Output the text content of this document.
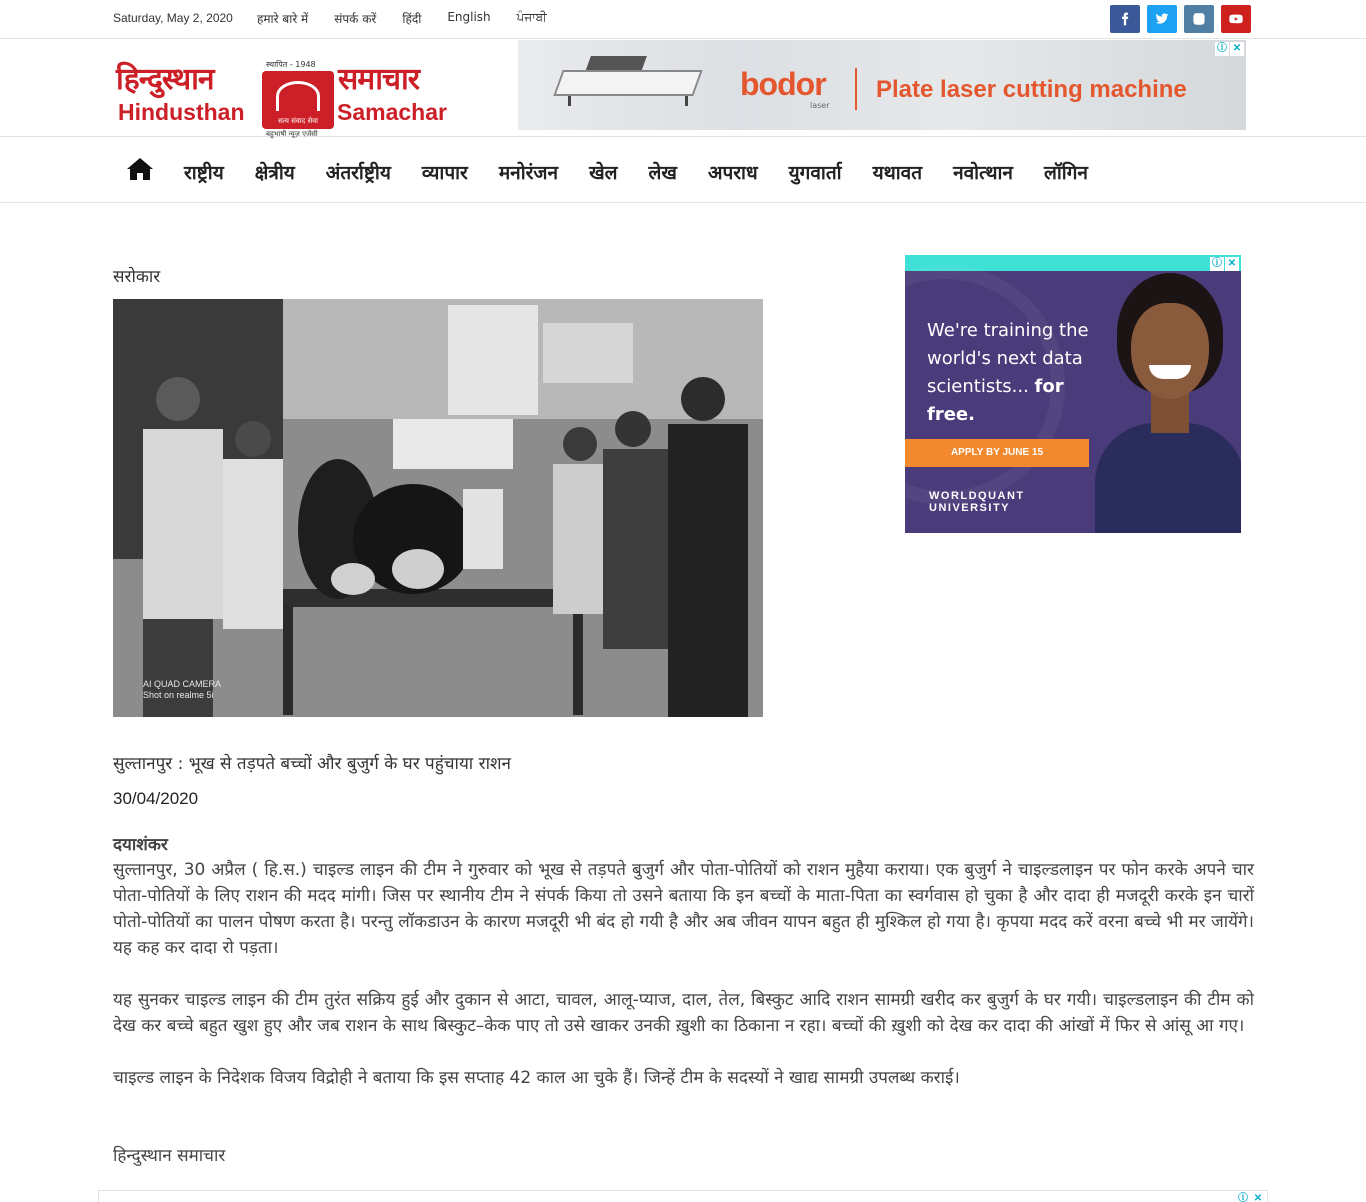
Saturday, May 2, 2020 हमारे बारे में संपर्क करें हिंदी English ਪੰਜਾਬੀ
हिन्दुस्थान
Hindusthan
स्थापित - 1948
सत्य संवाद सेवा
बहुभाषी न्यूज़ एजेंसी
समाचार
Samachar
bodor
laser
Plate laser cutting machine
ⓘ ✕
राष्ट्रीय क्षेत्रीय अंतर्राष्ट्रीय व्यापार मनोरंजन खेल लेख अपराध युगवार्ता यथावत नवोत्थान लॉगिन
सरोकार
AI QUAD CAMERA
Shot on realme 5i
सुल्तानपुर : भूख से तड़पते बच्चों और बुजुर्ग के घर पहुंचाया राशन
30/04/2020
दयाशंकर

सुल्तानपुर, 30 अप्रैल ( हि.स.) चाइल्ड लाइन की टीम ने गुरुवार को भूख से तड़पते बुजुर्ग और पोता-पोतियों को राशन मुहैया कराया। एक बुजुर्ग ने चाइल्डलाइन पर फोन करके अपने चार पोता-पोतियों के लिए राशन की मदद मांगी। जिस पर स्थानीय टीम ने संपर्क किया तो उसने बताया कि इन बच्चों के माता-पिता का स्वर्गवास हो चुका है और दादा ही मजदूरी करके इन चारों पोतो-पोतियों का पालन पोषण करता है। परन्तु लॉकडाउन के कारण मजदूरी भी बंद हो गयी है और अब जीवन यापन बहुत ही मुश्किल हो गया है। कृपया मदद करें वरना बच्चे भी मर जायेंगे। यह कह कर दादा रो पड़ता।

यह सुनकर चाइल्ड लाइन की टीम तुरंत सक्रिय हुई और दुकान से आटा, चावल, आलू-प्याज, दाल, तेल, बिस्कुट आदि राशन सामग्री खरीद कर बुजुर्ग के घर गयी। चाइल्डलाइन की टीम को देख कर बच्चे बहुत खुश हुए और जब राशन के साथ बिस्कुट–केक पाए तो उसे खाकर उनकी ख़ुशी का ठिकाना न रहा। बच्चों की ख़ुशी को देख कर दादा की आंखों में फिर से आंसू आ गए।

चाइल्ड लाइन के निदेशक विजय विद्रोही ने बताया कि इस सप्ताह 42 काल आ चुके हैं। जिन्हें टीम के सदस्यों ने खाद्य सामग्री उपलब्ध कराई।

हिन्दुस्थान समाचार
We're training the
world's next data
scientists... for free.
APPLY BY JUNE 15
WORLDQUANT
UNIVERSITY
ⓘ ✕
ⓘ ✕
